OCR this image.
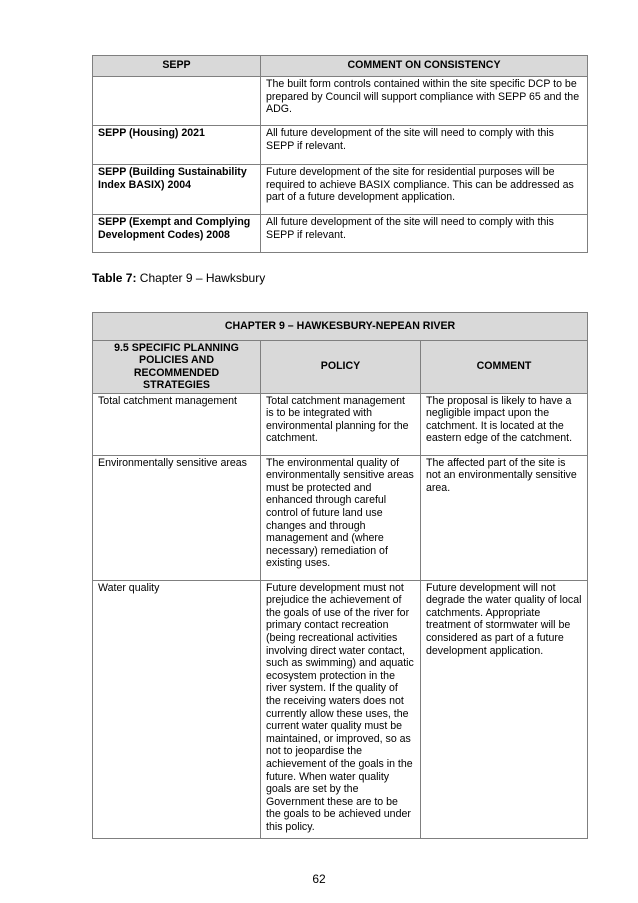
SEPP	COMMENT ON CONSISTENCY
	The built form controls contained within the site specific DCP to be prepared by Council will support compliance with SEPP 65 and the ADG.
SEPP (Housing) 2021	All future development of the site will need to comply with this SEPP if relevant.
SEPP (Building Sustainability Index BASIX) 2004	Future development of the site for residential purposes will be required to achieve BASIX compliance. This can be addressed as part of a future development application.
SEPP (Exempt and Complying Development Codes) 2008	All future development of the site will need to comply with this SEPP if relevant.
Table 7: Chapter 9 – Hawksbury
CHAPTER 9 – HAWKESBURY-NEPEAN RIVER		
9.5 SPECIFIC PLANNING POLICIES AND RECOMMENDED STRATEGIES	POLICY	COMMENT
Total catchment management	Total catchment management is to be integrated with environmental planning for the catchment.	The proposal is likely to have a negligible impact upon the catchment. It is located at the eastern edge of the catchment.
Environmentally sensitive areas	The environmental quality of environmentally sensitive areas must be protected and enhanced through careful control of future land use changes and through management and (where necessary) remediation of existing uses.	The affected part of the site is not an environmentally sensitive area.
Water quality	Future development must not prejudice the achievement of the goals of use of the river for primary contact recreation (being recreational activities involving direct water contact, such as swimming) and aquatic ecosystem protection in the river system. If the quality of the receiving waters does not currently allow these uses, the current water quality must be maintained, or improved, so as not to jeopardise the achievement of the goals in the future. When water quality goals are set by the Government these are to be the goals to be achieved under this policy.	Future development will not degrade the water quality of local catchments. Appropriate treatment of stormwater will be considered as part of a future development application.
62
